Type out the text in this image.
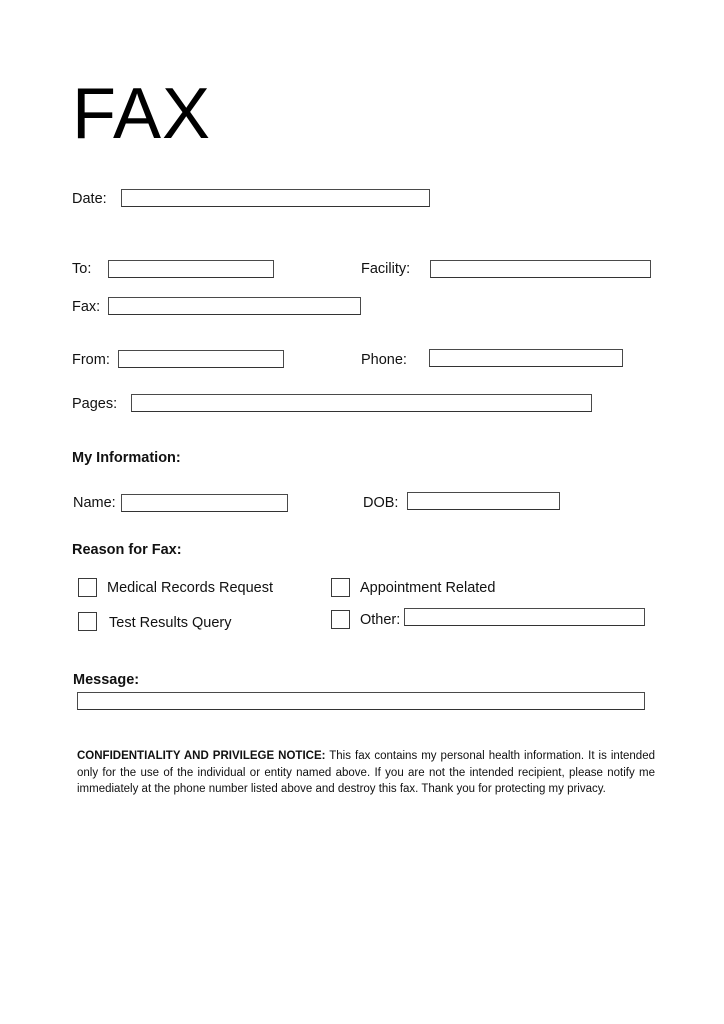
FAX
Date:
To:	Facility:
Fax:
From:	Phone:
Pages:
My Information:
Name:	DOB:
Reason for Fax:
Medical Records Request	Appointment Related
Test Results Query	Other:
Message:
CONFIDENTIALITY AND PRIVILEGE NOTICE: This fax contains my personal health information. It is intended only for the use of the individual or entity named above. If you are not the intended recipient, please notify me immediately at the phone number listed above and destroy this fax. Thank you for protecting my privacy.
